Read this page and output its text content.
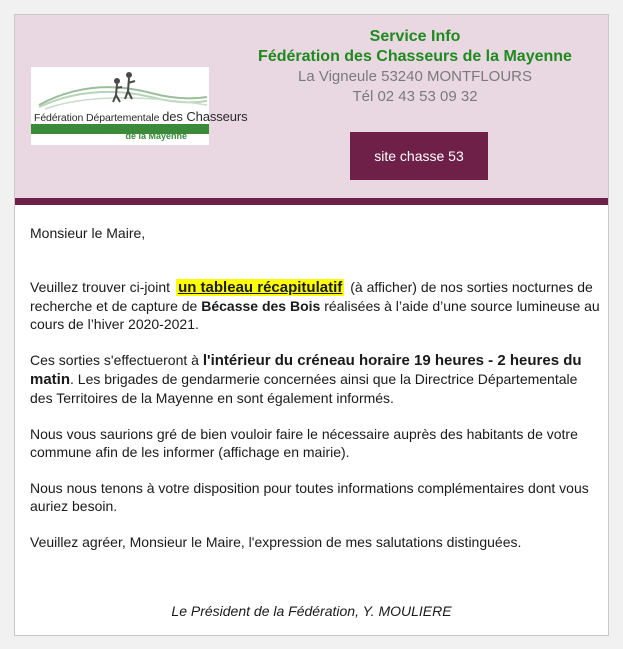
Fédération Départementale des Chasseurs
de la Mayenne
Service Info
Fédération des Chasseurs de la Mayenne
La Vigneule 53240 MONTFLOURS
Tél 02 43 53 09 32
site chasse 53

Monsieur le Maire,

Veuillez trouver ci-joint un tableau récapitulatif (à afficher) de nos sorties nocturnes de recherche et de capture de Bécasse des Bois réalisées à l’aide d’une source lumineuse au cours de l’hiver 2020-2021.

Ces sorties s'effectueront à l'intérieur du créneau horaire 19 heures - 2 heures du matin. Les brigades de gendarmerie concernées ainsi que la Directrice Départementale des Territoires de la Mayenne en sont également informés.

Nous vous saurions gré de bien vouloir faire le nécessaire auprès des habitants de votre commune afin de les informer (affichage en mairie).

Nous nous tenons à votre disposition pour toutes informations complémentaires dont vous auriez besoin.

Veuillez agréer, Monsieur le Maire, l'expression de mes salutations distinguées.

Le Président de la Fédération, Y. MOULIERE
